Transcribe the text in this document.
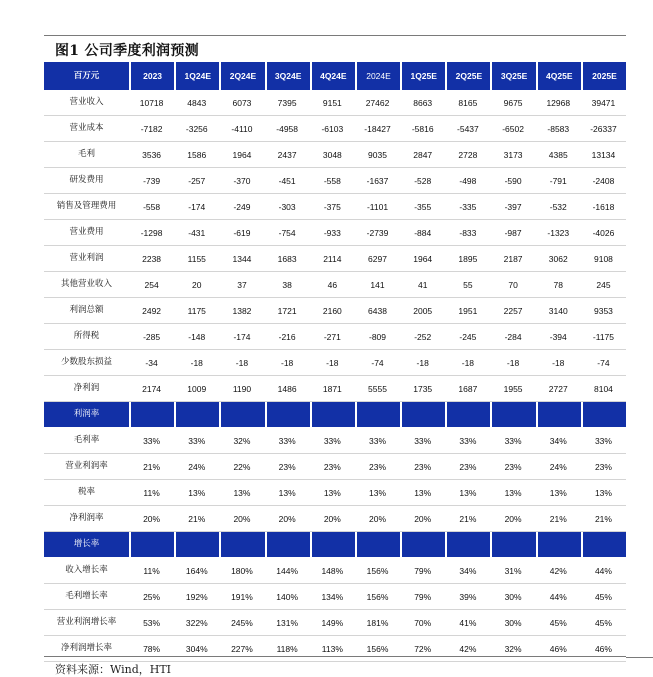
图1 公司季度利润预测
百万元	2023	1Q24E	2Q24E	3Q24E	4Q24E	2024E	1Q25E	2Q25E	3Q25E	4Q25E	2025E
营业收入	10718	4843	6073	7395	9151	27462	8663	8165	9675	12968	39471
营业成本	-7182	-3256	-4110	-4958	-6103	-18427	-5816	-5437	-6502	-8583	-26337
毛利	3536	1586	1964	2437	3048	9035	2847	2728	3173	4385	13134
研发费用	-739	-257	-370	-451	-558	-1637	-528	-498	-590	-791	-2408
销售及管理费用	-558	-174	-249	-303	-375	-1101	-355	-335	-397	-532	-1618
营业费用	-1298	-431	-619	-754	-933	-2739	-884	-833	-987	-1323	-4026
营业利润	2238	1155	1344	1683	2114	6297	1964	1895	2187	3062	9108
其他营业收入	254	20	37	38	46	141	41	55	70	78	245
利润总额	2492	1175	1382	1721	2160	6438	2005	1951	2257	3140	9353
所得税	-285	-148	-174	-216	-271	-809	-252	-245	-284	-394	-1175
少数股东损益	-34	-18	-18	-18	-18	-74	-18	-18	-18	-18	-74
净利润	2174	1009	1190	1486	1871	5555	1735	1687	1955	2727	8104
利润率
毛利率	33%	33%	32%	33%	33%	33%	33%	33%	33%	34%	33%
营业利润率	21%	24%	22%	23%	23%	23%	23%	23%	23%	24%	23%
税率	11%	13%	13%	13%	13%	13%	13%	13%	13%	13%	13%
净利润率	20%	21%	20%	20%	20%	20%	20%	21%	20%	21%	21%
增长率
收入增长率	11%	164%	180%	144%	148%	156%	79%	34%	31%	42%	44%
毛利增长率	25%	192%	191%	140%	134%	156%	79%	39%	30%	44%	45%
营业利润增长率	53%	322%	245%	131%	149%	181%	70%	41%	30%	45%	45%
净利润增长率	78%	304%	227%	118%	113%	156%	72%	42%	32%	46%	46%
资料来源：Wind，HTI
